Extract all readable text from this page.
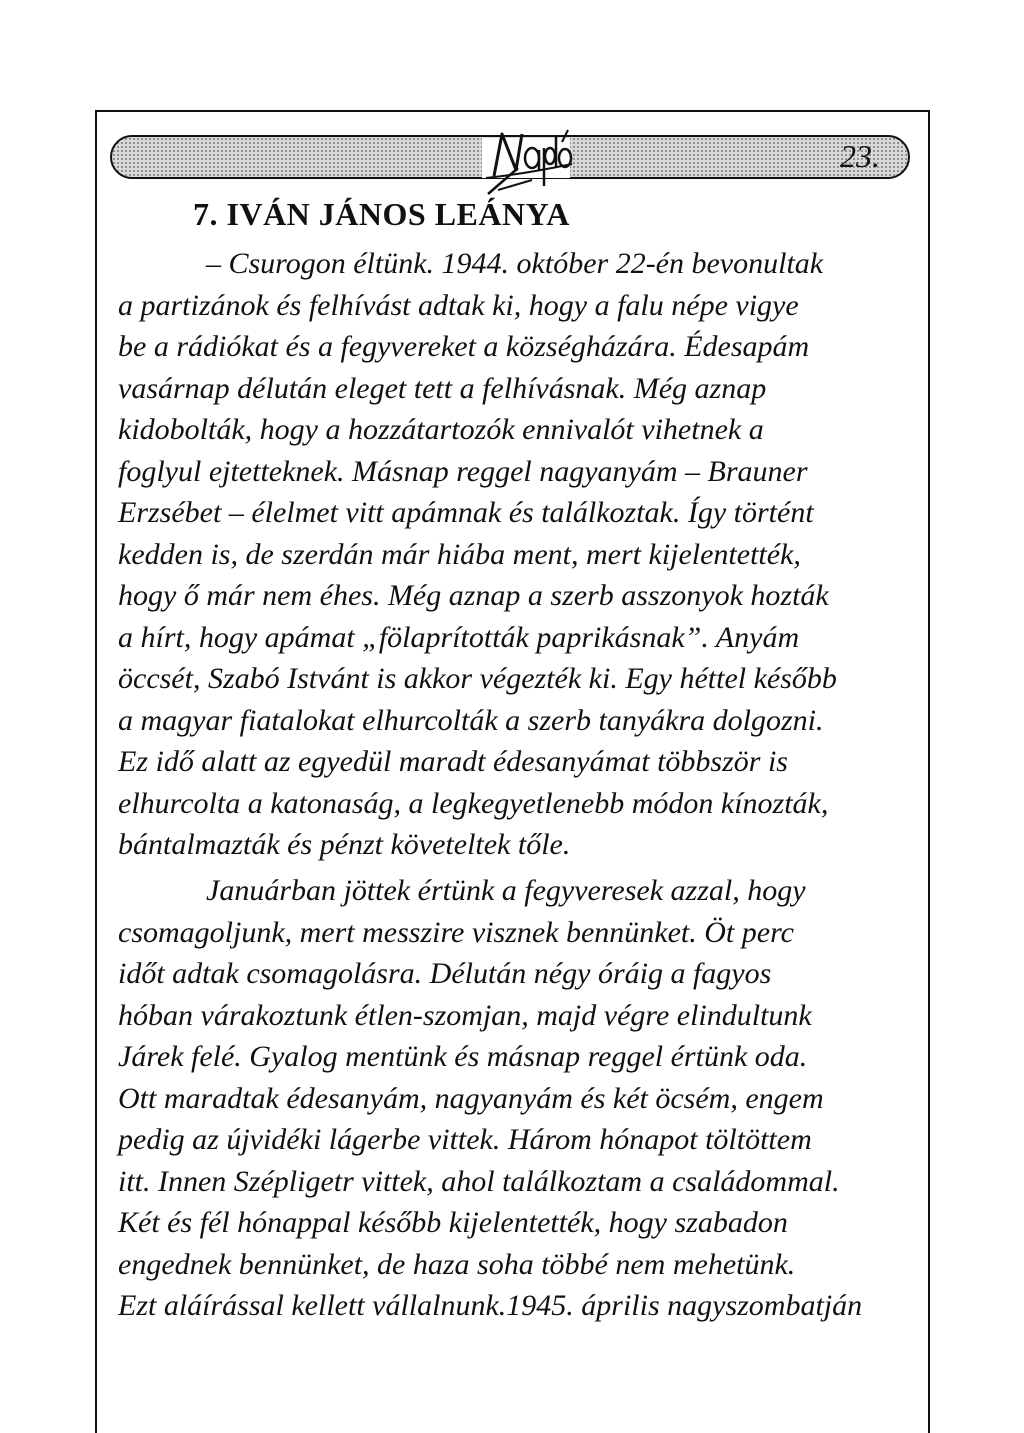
Napló
23.
7. IVÁN JÁNOS LEÁNYA

– Csurogon éltünk. 1944. október 22-én bevonultak
a partizánok és felhívást adtak ki, hogy a falu népe vigye
be a rádiókat és a fegyvereket a községházára. Édesapám
vasárnap délután eleget tett a felhívásnak. Még aznap
kidobolták, hogy a hozzátartozók ennivalót vihetnek a
foglyul ejtetteknek. Másnap reggel nagyanyám – Brauner
Erzsébet – élelmet vitt apámnak és találkoztak. Így történt
kedden is, de szerdán már hiába ment, mert kijelentették,
hogy ő már nem éhes. Még aznap a szerb asszonyok hozták
a hírt, hogy apámat „fölaprították paprikásnak”. Anyám
öccsét, Szabó Istvánt is akkor végezték ki. Egy héttel később
a magyar fiatalokat elhurcolták a szerb tanyákra dolgozni.
Ez idő alatt az egyedül maradt édesanyámat többször is
elhurcolta a katonaság, a legkegyetlenebb módon kínozták,
bántalmazták és pénzt követeltek tőle.

Januárban jöttek értünk a fegyveresek azzal, hogy
csomagoljunk, mert messzire visznek bennünket. Öt perc
időt adtak csomagolásra. Délután négy óráig a fagyos
hóban várakoztunk étlen-szomjan, majd végre elindultunk
Járek felé. Gyalog mentünk és másnap reggel értünk oda.
Ott maradtak édesanyám, nagyanyám és két öcsém, engem
pedig az újvidéki lágerbe vittek. Három hónapot töltöttem
itt. Innen Szépligetr vittek, ahol találkoztam a családommal.
Két és fél hónappal később kijelentették, hogy szabadon
engednek bennünket, de haza soha többé nem mehetünk.
Ezt aláírással kellett vállalnunk.1945. április nagyszombatján
